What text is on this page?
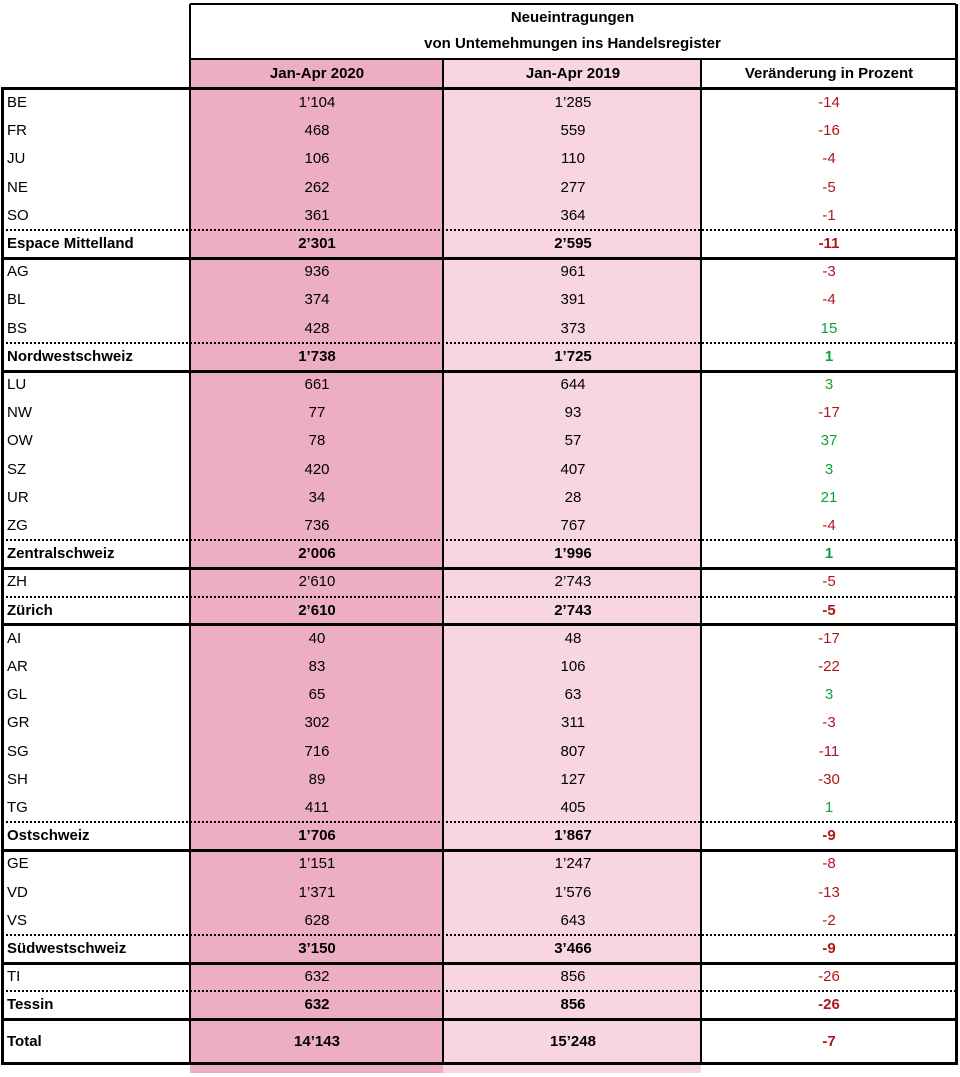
Neueintragungen
von Untemehmungen ins Handelsregister
Jan-Apr 2020	Jan-Apr 2019	Veränderung in Prozent
BE	1’104	1’285	-14
FR	468	559	-16
JU	106	110	-4
NE	262	277	-5
SO	361	364	-1
Espace Mittelland	2’301	2’595	-11
AG	936	961	-3
BL	374	391	-4
BS	428	373	15
Nordwestschweiz	1’738	1’725	1
LU	661	644	3
NW	77	93	-17
OW	78	57	37
SZ	420	407	3
UR	34	28	21
ZG	736	767	-4
Zentralschweiz	2’006	1’996	1
ZH	2’610	2’743	-5
Zürich	2’610	2’743	-5
AI	40	48	-17
AR	83	106	-22
GL	65	63	3
GR	302	311	-3
SG	716	807	-11
SH	89	127	-30
TG	411	405	1
Ostschweiz	1’706	1’867	-9
GE	1’151	1’247	-8
VD	1’371	1’576	-13
VS	628	643	-2
Südwestschweiz	3’150	3’466	-9
TI	632	856	-26
Tessin	632	856	-26
Total	14’143	15’248	-7
